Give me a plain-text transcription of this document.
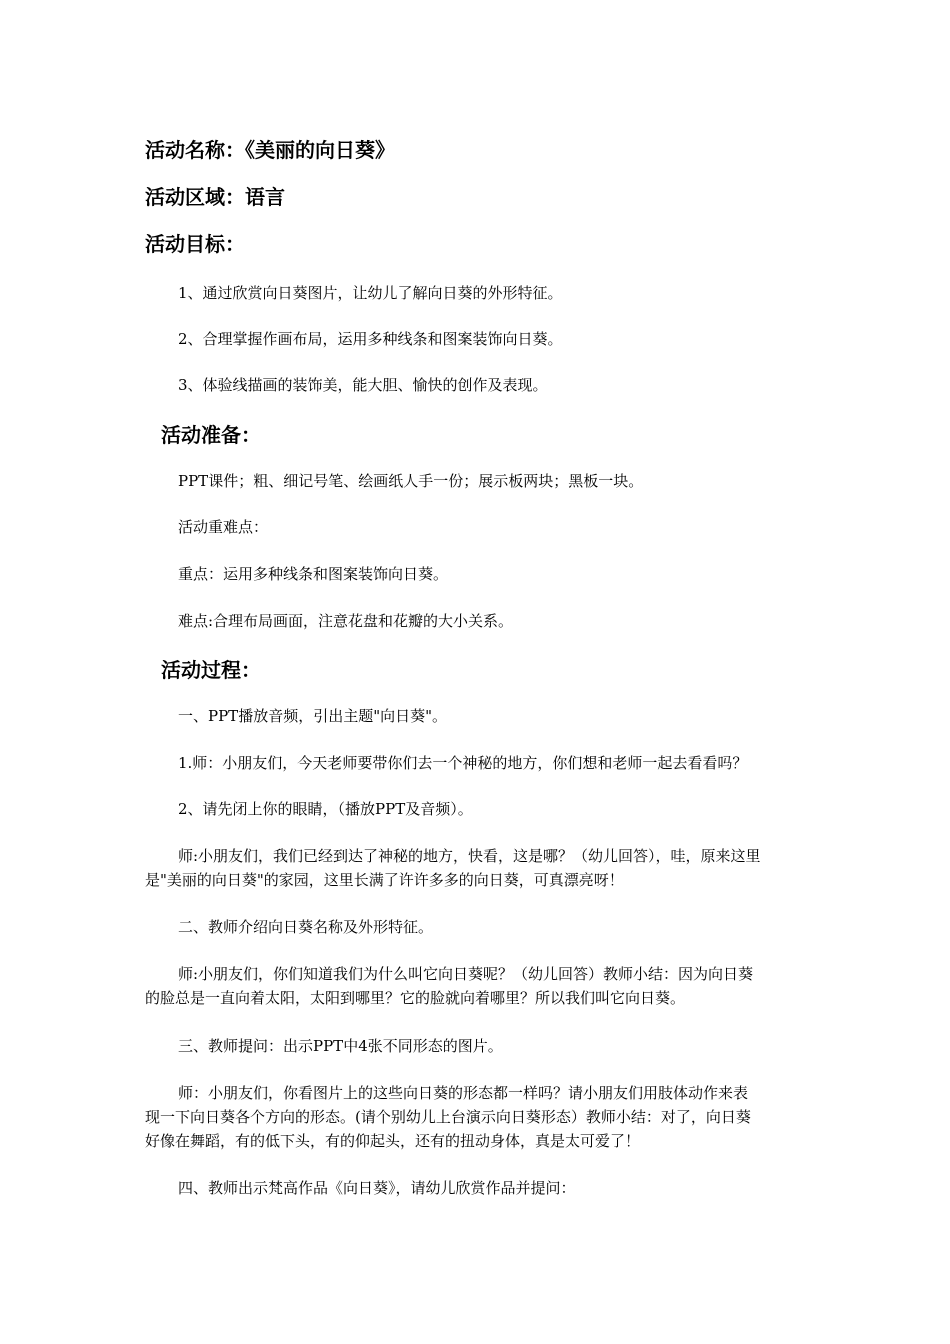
活动名称：《美丽的向日葵》
活动区域：语言
活动目标：
1、通过欣赏向日葵图片，让幼儿了解向日葵的外形特征。
2、合理掌握作画布局，运用多种线条和图案装饰向日葵。
3、体验线描画的装饰美，能大胆、愉快的创作及表现。
活动准备：
PPT课件；粗、细记号笔、绘画纸人手一份；展示板两块；黑板一块。
活动重难点：
重点：运用多种线条和图案装饰向日葵。
难点:合理布局画面，注意花盘和花瓣的大小关系。
活动过程：
一、PPT播放音频，引出主题"向日葵"。
1.师：小朋友们，今天老师要带你们去一个神秘的地方，你们想和老师一起去看看吗？
2、请先闭上你的眼睛，（播放PPT及音频）。
师:小朋友们，我们已经到达了神秘的地方，快看，这是哪？（幼儿回答），哇，原来这里
是"美丽的向日葵"的家园，这里长满了许许多多的向日葵，可真漂亮呀！
二、教师介绍向日葵名称及外形特征。
师:小朋友们，你们知道我们为什么叫它向日葵呢？（幼儿回答）教师小结：因为向日葵
的脸总是一直向着太阳，太阳到哪里？它的脸就向着哪里？所以我们叫它向日葵。
三、教师提问：出示PPT中4张不同形态的图片。
师：小朋友们，你看图片上的这些向日葵的形态都一样吗？请小朋友们用肢体动作来表
现一下向日葵各个方向的形态。(请个别幼儿上台演示向日葵形态）教师小结：对了，向日葵
好像在舞蹈，有的低下头，有的仰起头，还有的扭动身体，真是太可爱了！
四、教师出示梵高作品《向日葵》，请幼儿欣赏作品并提问：
